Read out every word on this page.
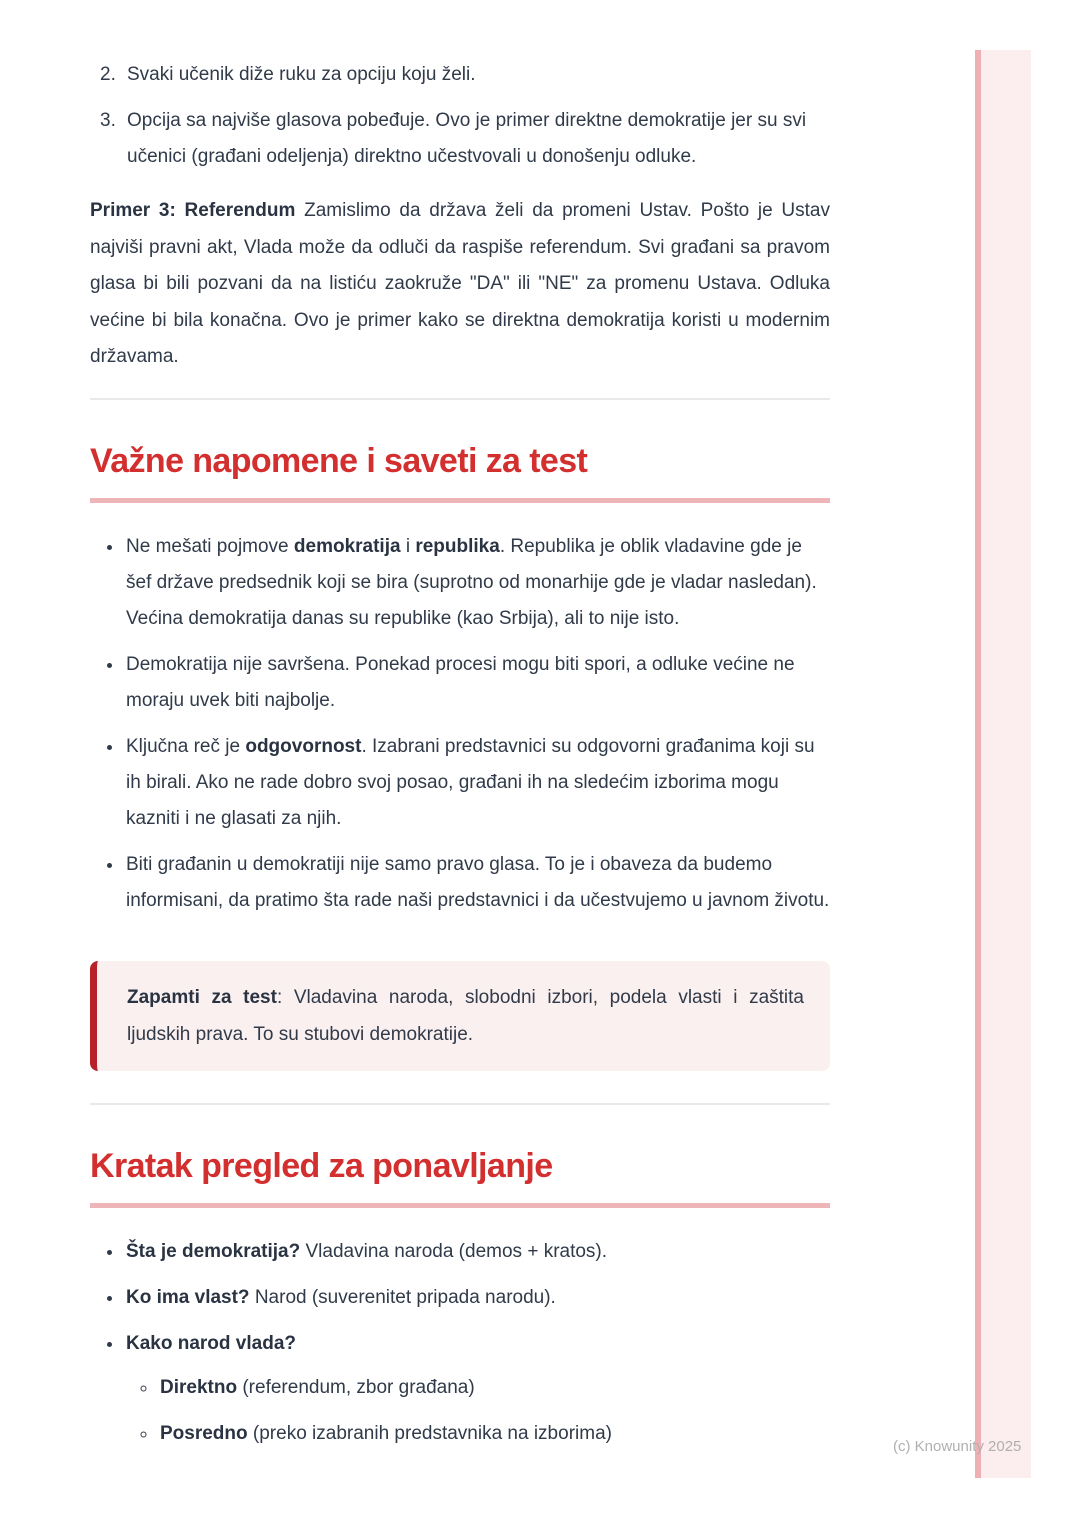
2. Svaki učenik diže ruku za opciju koju želi.
3. Opcija sa najviše glasova pobeđuje. Ovo je primer direktne demokratije jer su svi učenici (građani odeljenja) direktno učestvovali u donošenju odluke.

Primer 3: Referendum Zamislimo da država želi da promeni Ustav. Pošto je Ustav najviši pravni akt, Vlada može da odluči da raspiše referendum. Svi građani sa pravom glasa bi bili pozvani da na listiću zaokruže "DA" ili "NE" za promenu Ustava. Odluka većine bi bila konačna. Ovo je primer kako se direktna demokratija koristi u modernim državama.

Važne napomene i saveti za test
• Ne mešati pojmove demokratija i republika. Republika je oblik vladavine gde je šef države predsednik koji se bira (suprotno od monarhije gde je vladar nasledan). Većina demokratija danas su republike (kao Srbija), ali to nije isto.
• Demokratija nije savršena. Ponekad procesi mogu biti spori, a odluke većine ne moraju uvek biti najbolje.
• Ključna reč je odgovornost. Izabrani predstavnici su odgovorni građanima koji su ih birali. Ako ne rade dobro svoj posao, građani ih na sledećim izborima mogu kazniti i ne glasati za njih.
• Biti građanin u demokratiji nije samo pravo glasa. To je i obaveza da budemo informisani, da pratimo šta rade naši predstavnici i da učestvujemo u javnom životu.
Zapamti za test: Vladavina naroda, slobodni izbori, podela vlasti i zaštita ljudskih prava. To su stubovi demokratije.
Kratak pregled za ponavljanje
• Šta je demokratija? Vladavina naroda (demos + kratos).
• Ko ima vlast? Narod (suverenitet pripada narodu).
• Kako narod vlada?
◦ Direktno (referendum, zbor građana)
◦ Posredno (preko izabranih predstavnika na izborima)
(c) Knowunity 2025
